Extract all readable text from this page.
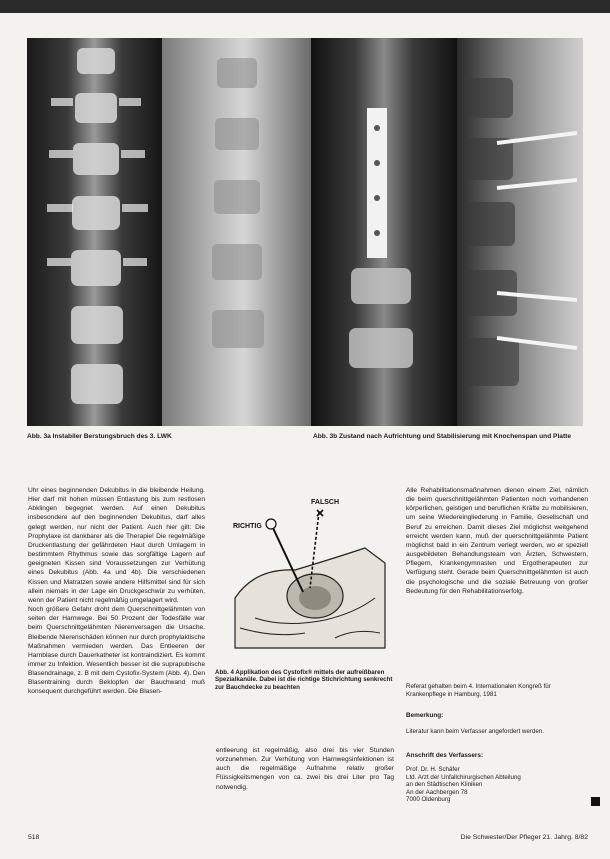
Abb. 3a Instabiler Berstungsbruch des 3. LWK	Abb. 3b Zustand nach Aufrichtung und Stabilisierung mit Knochenspan und Platte

Uhr eines beginnenden Dekubitus in die bleibende Heilung. Hier darf mit hohen müssen Entlastung bis zum restlosen Abklingen begegnet werden. Auf einen Dekubitus insbesondere auf den beginnenden Dekubitus, darf alles gelegt werden, nur nicht der Patient. Auch hier gilt: Die Prophylaxe ist dankbarer als die Therapie! Die regelmäßige Druckentlastung der gefährdeten Haut durch Umlagern in bestimmtem Rhythmus sowie das sorgfältige Lagern auf geeigneten Kissen sind Voraussetzungen zur Verhütung eines Dekubitus (Abb. 4a und 4b). Die verschiedenen Kissen und Matratzen sowie andere Hilfsmittel sind für sich allein niemals in der Lage ein Druckgeschwür zu verhüten, wenn der Patient nicht regelmäßig umgelagert wird.

Noch größere Gefahr droht dem Querschnittgelähmten von seiten der Harnwege. Bei 50 Prozent der Todesfälle war beim Querschnittgelähmten Nierenversagen die Ursache. Bleibende Nierenschäden können nur durch prophylaktische Maßnahmen vermieden werden. Das Entleeren der Harnblase durch Dauerkatheter ist kontraindiziert. Es kommt immer zu Infektion. Wesentlich besser ist die suprapubische Blasendrainage, z. B mit dem Cystofix-System (Abb. 4). Den Blasentraining durch Beklopfen der Bauchwand muß konsequent durchgeführt werden. Die Blasen-

RICHTIG
FALSCH
Abb. 4 Applikation des Cystofix® mittels der aufreißbaren Spezialkanüle. Dabei ist die richtige Stichrichtung senkrecht zur Bauchdecke zu beachten
entleerung ist regelmäßig, also drei bis vier Stunden vorzunehmen. Zur Verhütung von Harnwegsinfektionen ist auch die regelmäßige Aufnahme relativ großer Flüssigkeitsmengen von ca. zwei bis drei Liter pro Tag notwendig.
Alle Rehabilitationsmaßnahmen dienen einem Ziel, nämlich die beim querschnittgelähmten Patienten noch vorhandenen körperlichen, geistigen und beruflichen Kräfte zu mobilisieren, um seine Wiedereingliederung in Familie, Gesellschaft und Beruf zu erreichen. Damit dieses Ziel möglichst weitgehend erreicht werden kann, muß der querschnittgelähmte Patient möglichst bald in ein Zentrum verlegt werden, wo er speziell ausgebildeten Behandlungsteam von Ärzten, Schwestern, Pflegern, Krankengymnasten und Ergotherapeuten zur Verfügung steht. Gerade beim Querschnittgelähmten ist auch die psychologische und die soziale Betreuung von großer Bedeutung für den Rehabilitationserfolg.
Referat gehalten beim 4. Internationalen Kongreß für Krankenpflege in Hamburg, 1981
Bemerkung:
Literatur kann beim Verfasser angefordert werden.
Anschrift des Verfassers:
Prof. Dr. H. Schäfer
Ltd. Arzt der Unfallchirurgischen Abteilung
an den Städtischen Kliniken
An der Aachbergen 78
7000 Oldenburg
518	Die Schwester/Der Pfleger 21. Jahrg. 8/82
